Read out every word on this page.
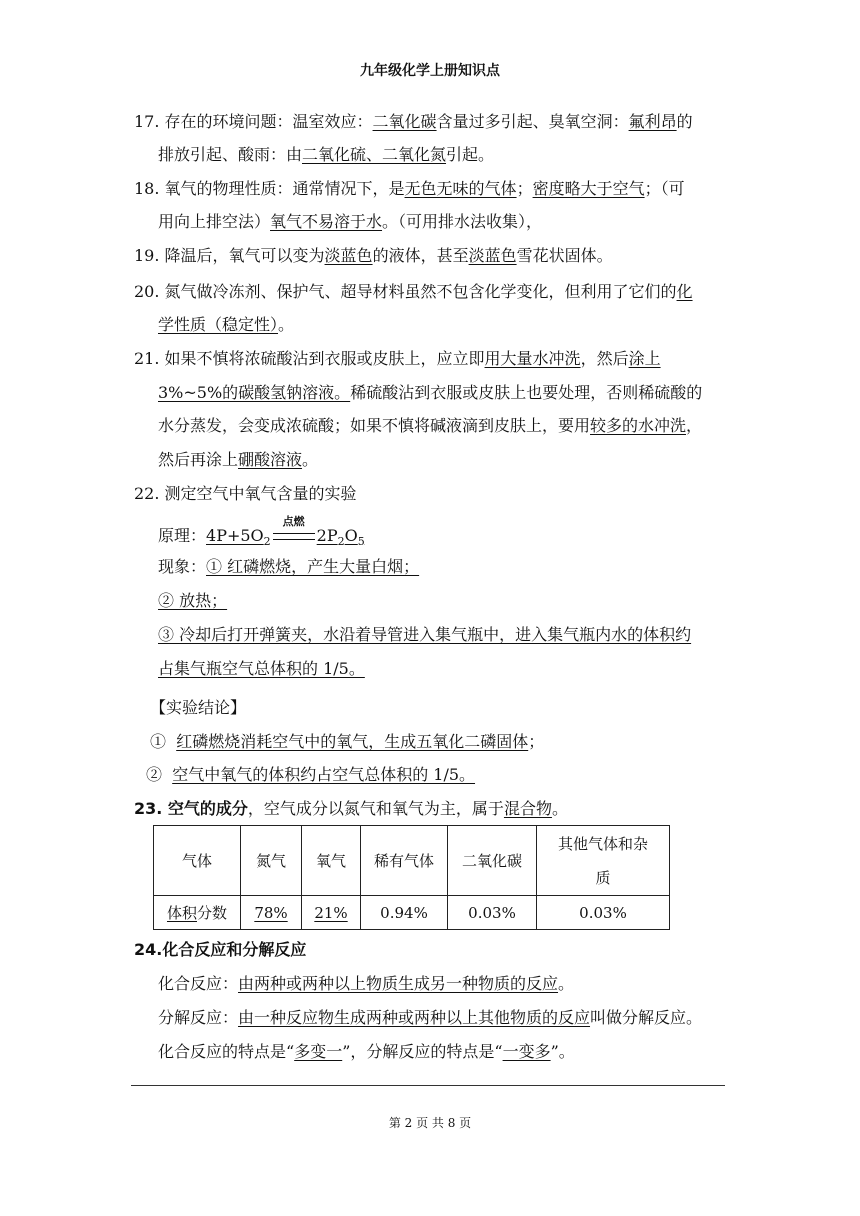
九年级化学上册知识点
17. 存在的环境问题：温室效应：二氧化碳含量过多引起、臭氧空洞：氟利昂的
排放引起、酸雨：由二氧化硫、二氧化氮引起。
18. 氧气的物理性质：通常情况下，是无色无味的气体；密度略大于空气；（可
用向上排空法）氧气不易溶于水。（可用排水法收集），
19. 降温后，氧气可以变为淡蓝色的液体，甚至淡蓝色雪花状固体。
20. 氮气做冷冻剂、保护气、超导材料虽然不包含化学变化，但利用了它们的化
学性质（稳定性）。
21. 如果不慎将浓硫酸沾到衣服或皮肤上，应立即用大量水冲洗，然后涂上
3%~5%的碳酸氢钠溶液。稀硫酸沾到衣服或皮肤上也要处理，否则稀硫酸的
水分蒸发，会变成浓硫酸；如果不慎将碱液滴到皮肤上，要用较多的水冲洗，
然后再涂上硼酸溶液。
22. 测定空气中氧气含量的实验
原理：$4P+5O_2$
点燃
$2P_2O_5$
现象：① 红磷燃烧，产生大量白烟；
② 放热；
③ 冷却后打开弹簧夹，水沿着导管进入集气瓶中，进入集气瓶内水的体积约
占集气瓶空气总体积的 1/5。
【实验结论】
① 红磷燃烧消耗空气中的氧气，生成五氧化二磷固体；
② 空气中氧气的体积约占空气总体积的 1/5。
23. 空气的成分，空气成分以氮气和氧气为主，属于混合物。
气体	氮气	氧气	稀有气体	二氧化碳	其他气体和杂
质
体积分数	78%	21%	0.94%	0.03%	0.03%
24.化合反应和分解反应
化合反应：由两种或两种以上物质生成另一种物质的反应。
分解反应：由一种反应物生成两种或两种以上其他物质的反应叫做分解反应。
化合反应的特点是“多变一”，分解反应的特点是“一变多”。
第 2 页 共 8 页
